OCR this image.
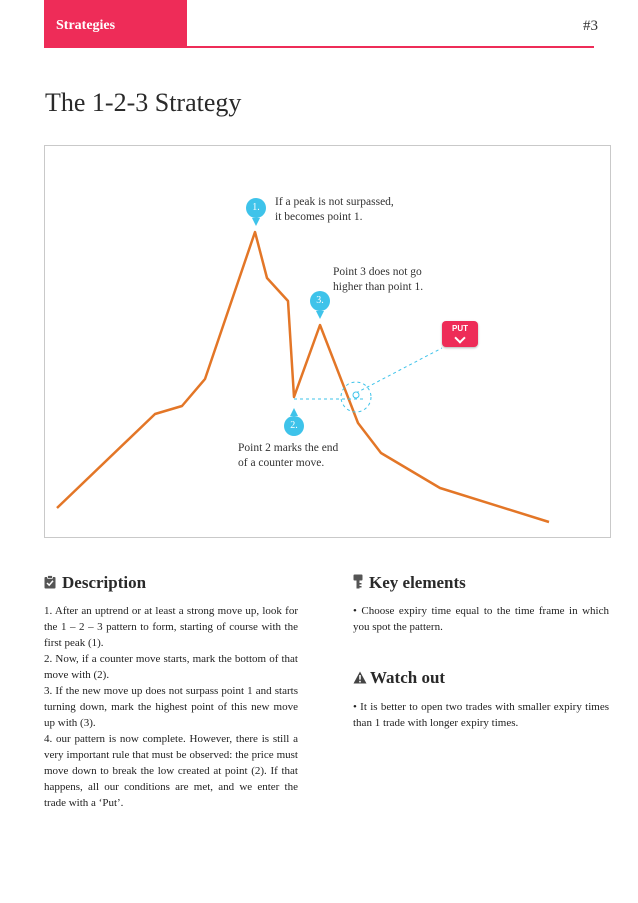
Strategies	#3
The 1-2-3 Strategy
1.	If a peak is not surpassed,
it becomes point 1.
3.
Point 3 does not go
higher than point 1.
2.
Point 2 marks the end
of a counter move.
PUT
Description

1. After an uptrend or at least a strong move up, look for the 1 – 2 – 3 pattern to form, starting of course with the first peak (1).

2. Now, if a counter move starts, mark the bottom of that move with (2).

3. If the new move up does not surpass point 1 and starts turning down, mark the highest point of this new move up with (3).

4. our pattern is now complete. However, there is still a very important rule that must be observed: the price must move down to break the low created at point (2). If that happens, all our conditions are met, and we enter the trade with a ‘Put’.

Key elements

• Choose expiry time equal to the time frame in which you spot the pattern.

Watch out

• It is better to open two trades with smaller expiry times than 1 trade with longer expiry times.
